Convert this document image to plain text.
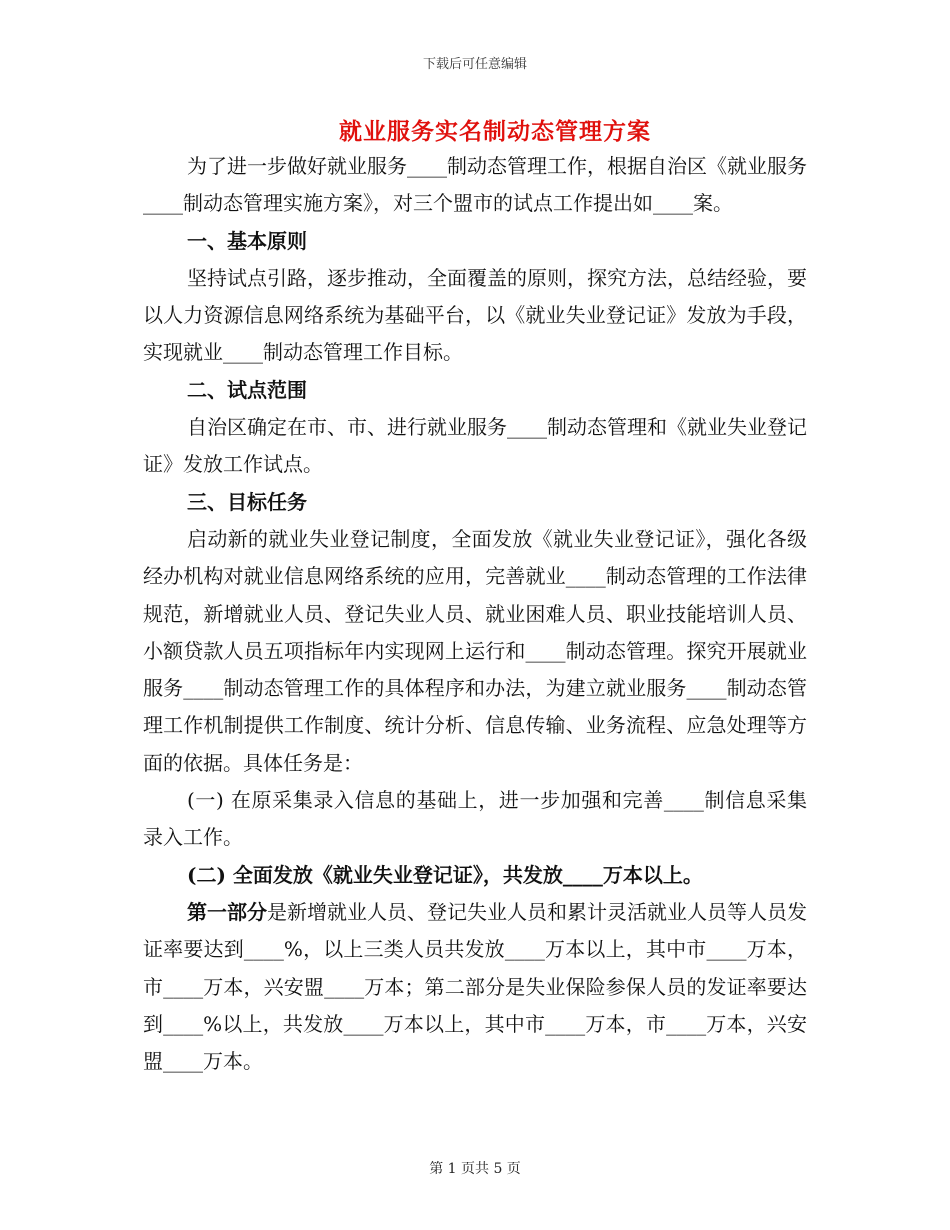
下载后可任意编辑
就业服务实名制动态管理方案

为了进一步做好就业服务____制动态管理工作，根据自治区《就业服务____制动态管理实施方案》，对三个盟市的试点工作提出如____案。

一、基本原则

坚持试点引路，逐步推动，全面覆盖的原则，探究方法，总结经验，要以人力资源信息网络系统为基础平台，以《就业失业登记证》发放为手段，实现就业____制动态管理工作目标。

二、试点范围

自治区确定在市、市、进行就业服务____制动态管理和《就业失业登记证》发放工作试点。

三、目标任务

启动新的就业失业登记制度，全面发放《就业失业登记证》，强化各级经办机构对就业信息网络系统的应用，完善就业____制动态管理的工作法律规范，新增就业人员、登记失业人员、就业困难人员、职业技能培训人员、小额贷款人员五项指标年内实现网上运行和____制动态管理。探究开展就业服务____制动态管理工作的具体程序和办法，为建立就业服务____制动态管理工作机制提供工作制度、统计分析、信息传输、业务流程、应急处理等方面的依据。具体任务是：

(一) 在原采集录入信息的基础上，进一步加强和完善____制信息采集录入工作。

(二) 全面发放《就业失业登记证》，共发放____万本以上。

第一部分是新增就业人员、登记失业人员和累计灵活就业人员等人员发证率要达到____%，以上三类人员共发放____万本以上，其中市____万本，市____万本，兴安盟____万本；第二部分是失业保险参保人员的发证率要达到____%以上，共发放____万本以上，其中市____万本，市____万本，兴安盟____万本。

第 1 页共 5 页
